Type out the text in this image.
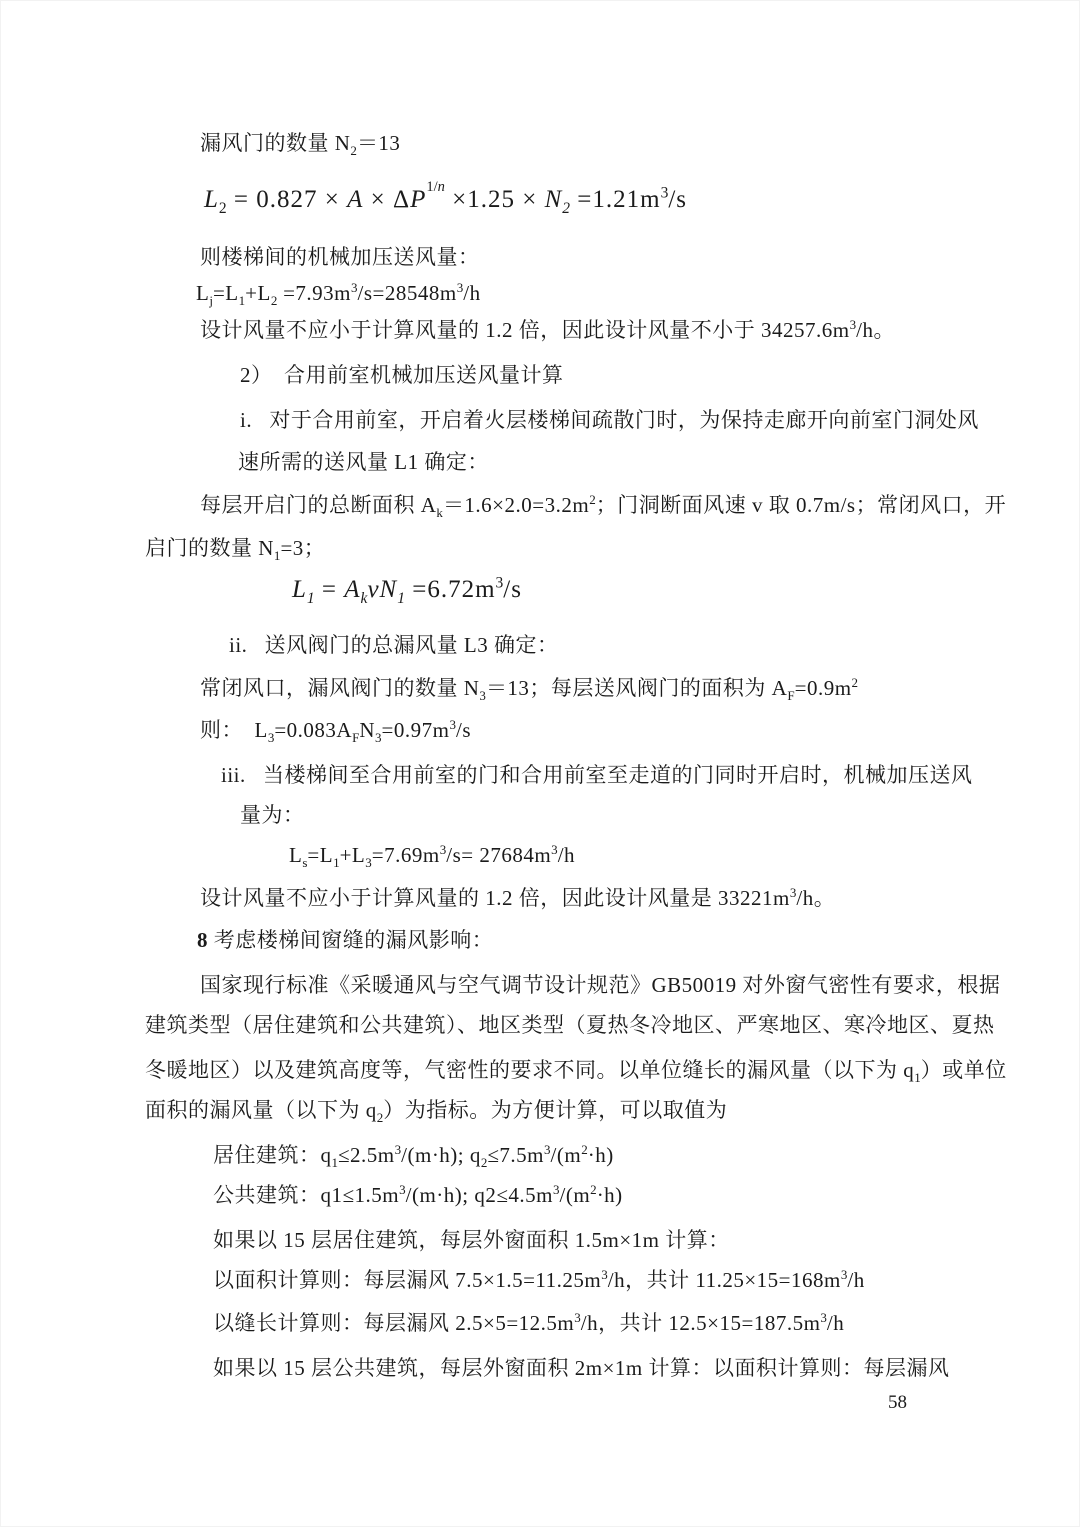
漏风门的数量 $N_2=13$
$L_2 = 0.827 \times A \times \Delta P^{1/n} \times 1.25 \times N_2 =1.21m^3/s$
则楼梯间的机械加压送风量：
$L_j=L_1+L_2 =7.93m^3/s=28548m^3/h$
设计风量不应小于计算风量的 1.2 倍，因此设计风量不小于 $34257.6m^3/h$。
2）  合用前室机械加压送风量计算
i.   对于合用前室，开启着火层楼梯间疏散门时，为保持走廊开向前室门洞处风
速所需的送风量 L1 确定：
每层开启门的总断面积 $A_k=1.6\times 2.0=3.2m^2$；门洞断面风速 v 取 0.7m/s；常闭风口，开
启门的数量 $N_1=3$；
$L_1 = A_kvN_1 =6.72m^3/s$
ii.   送风阀门的总漏风量 L3 确定：
常闭风口，漏风阀门的数量 $N_3=13$；每层送风阀门的面积为 $A_F=0.9m^2$
则：  $L_3=0.083A_FN_3=0.97m^3/s$
iii.   当楼梯间至合用前室的门和合用前室至走道的门同时开启时，机械加压送风
量为：
$L_s=L_1+L_3=7.69m^3/s= 27684m^3/h$
设计风量不应小于计算风量的 1.2 倍，因此设计风量是 $33221m^3/h$。
8 考虑楼梯间窗缝的漏风影响：
国家现行标准《采暖通风与空气调节设计规范》GB50019 对外窗气密性有要求，根据
建筑类型（居住建筑和公共建筑）、地区类型（夏热冬冷地区、严寒地区、寒冷地区、夏热
冬暖地区）以及建筑高度等，气密性的要求不同。以单位缝长的漏风量（以下为 $q_1$）或单位
面积的漏风量（以下为 $q_2$）为指标。为方便计算，可以取值为
居住建筑：$q_1\le 2.5m^3/(m\cdot h)$; $q_2\le 7.5m^3/(m^2\cdot h)$
公共建筑：$q1\le 1.5m^3/(m\cdot h)$; $q2\le 4.5m^3/(m^2\cdot h)$
如果以 15 层居住建筑，每层外窗面积 1.5m×1m 计算：
以面积计算则：每层漏风 $7.5\times 1.5=11.25m^3/h$，共计 $11.25\times 15=168m^3/h$
以缝长计算则：每层漏风 $2.5\times 5=12.5m^3/h$，共计 $12.5\times 15=187.5m^3/h$
如果以 15 层公共建筑，每层外窗面积 2m×1m 计算：以面积计算则：每层漏风
58
